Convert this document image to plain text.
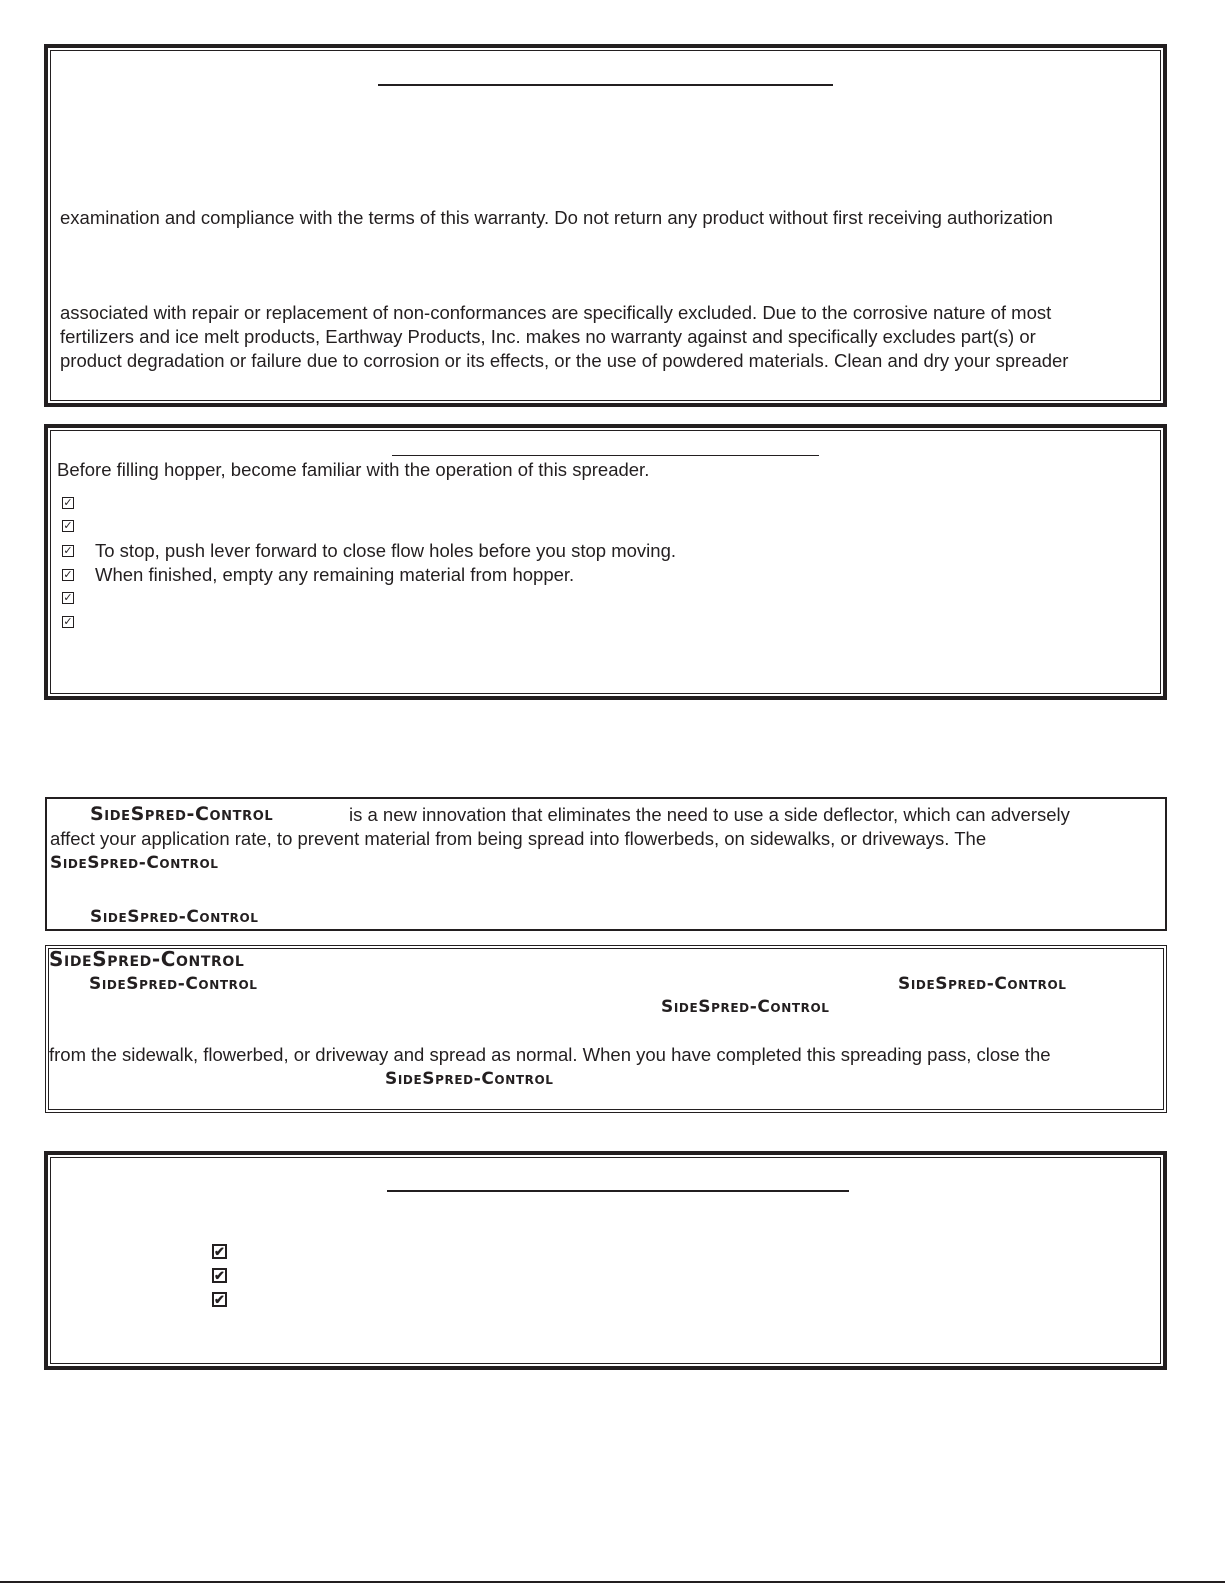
examination and compliance with the terms of this warranty. Do not return any product without first receiving authorization
associated with repair or replacement of non-conformances are specifically excluded. Due to the corrosive nature of most
fertilizers and ice melt products, Earthway Products, Inc. makes no warranty against and specifically excludes part(s) or
product degradation or failure due to corrosion or its effects, or the use of powdered materials. Clean and dry your spreader
Before filling hopper, become familiar with the operation of this spreader.
✓
✓
✓ To stop, push lever forward to close flow holes before you stop moving.
✓ When finished, empty any remaining material from hopper.
✓
✓
SideSpred-Control	is a new innovation that eliminates the need to use a side deflector, which can adversely
affect your application rate, to prevent material from being spread into flowerbeds, on sidewalks, or driveways. The
SideSpred-Control
SideSpred-Control
SideSpred-Control
SideSpred-Control	SideSpred-Control
SideSpred-Control
from the sidewalk, flowerbed, or driveway and spread as normal. When you have completed this spreading pass, close the
SideSpred-Control
✔
✔
✔
